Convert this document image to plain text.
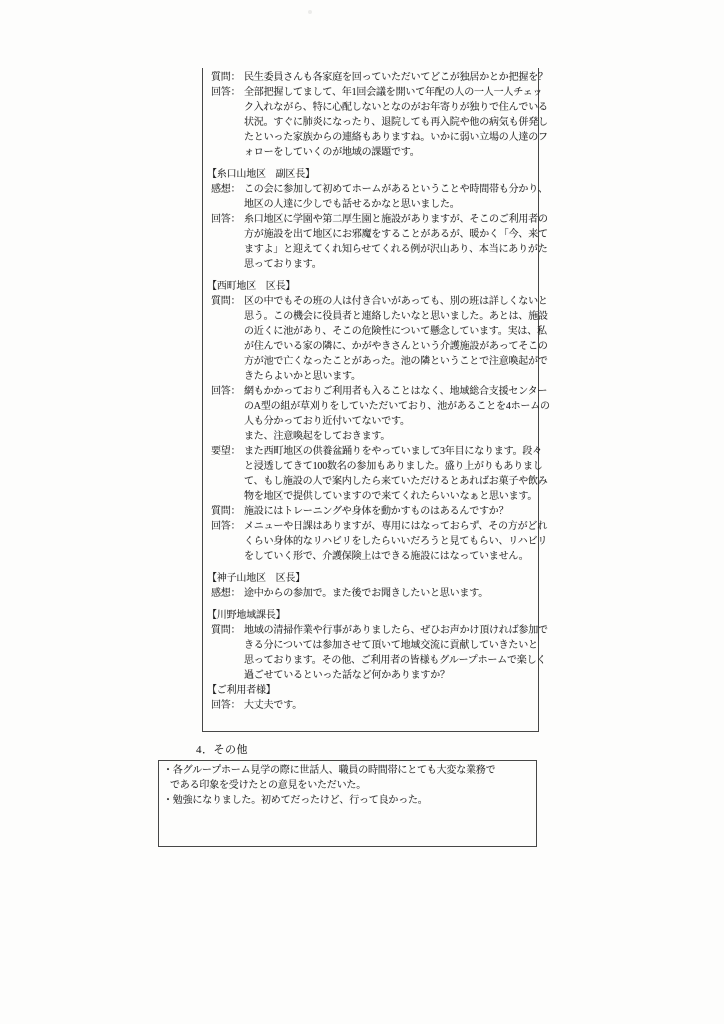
質問： 民生委員さんも各家庭を回っていただいてどこが独居かとか把握を？
回答： 全部把握してまして、年1回会議を開いて年配の人の一人一人チェッ
ク入れながら、特に心配しないとなのがお年寄りが独りで住んでいる
状況。すぐに肺炎になったり、退院しても再入院や他の病気も併発し
たといった家族からの連絡もありますね。いかに弱い立場の人達のフ
ォローをしていくのが地域の課題です。
【糸口山地区　副区長】
感想： この会に参加して初めてホームがあるということや時間帯も分かり、
地区の人達に少しでも話せるかなと思いました。
回答： 糸口地区に学園や第二厚生園と施設がありますが、そこのご利用者の
方が施設を出て地区にお邪魔をすることがあるが、暖かく「今、来て
ますよ」と迎えてくれ知らせてくれる例が沢山あり、本当にありがた
思っております。
【西町地区　区長】
質問： 区の中でもその班の人は付き合いがあっても、別の班は詳しくないと
思う。この機会に役員者と連絡したいなと思いました。あとは、施設
の近くに池があり、そこの危険性について懸念しています。実は、私
が住んでいる家の隣に、かがやきさんという介護施設があってそこの
方が池で亡くなったことがあった。池の隣ということで注意喚起がで
きたらよいかと思います。
回答： 網もかかっておりご利用者も入ることはなく、地域総合支援センター
のA型の組が草刈りをしていただいており、池があることを4ホームの
人も分かっており近付いてないです。
また、注意喚起をしておきます。
要望： また西町地区の供養盆踊りをやっていまして3年目になります。段々
と浸透してきて100数名の参加もありました。盛り上がりもありまし
て、もし施設の人で案内したら来ていただけるとあればお菓子や飲み
物を地区で提供していますので来てくれたらいいなぁと思います。
質問： 施設にはトレーニングや身体を動かすものはあるんですか？
回答： メニューや日課はありますが、専用にはなっておらず、その方がどれ
くらい身体的なリハビリをしたらいいだろうと見てもらい、リハビリ
をしていく形で、介護保険上はできる施設にはなっていません。
【神子山地区　区長】
感想： 途中からの参加で。また後でお聞きしたいと思います。
【川野地域課長】
質問： 地域の清掃作業や行事がありましたら、ぜひお声かけ頂ければ参加で
きる分については参加させて頂いて地域交流に貢献していきたいと
思っております。その他、ご利用者の皆様もグループホームで楽しく
過ごせているといった話など何かありますか？
【ご利用者様】
回答： 大丈夫です。
4．その他
・各グループホーム見学の際に世話人、職員の時間帯にとても大変な業務で
である印象を受けたとの意見をいただいた。
・勉強になりました。初めてだったけど、行って良かった。
